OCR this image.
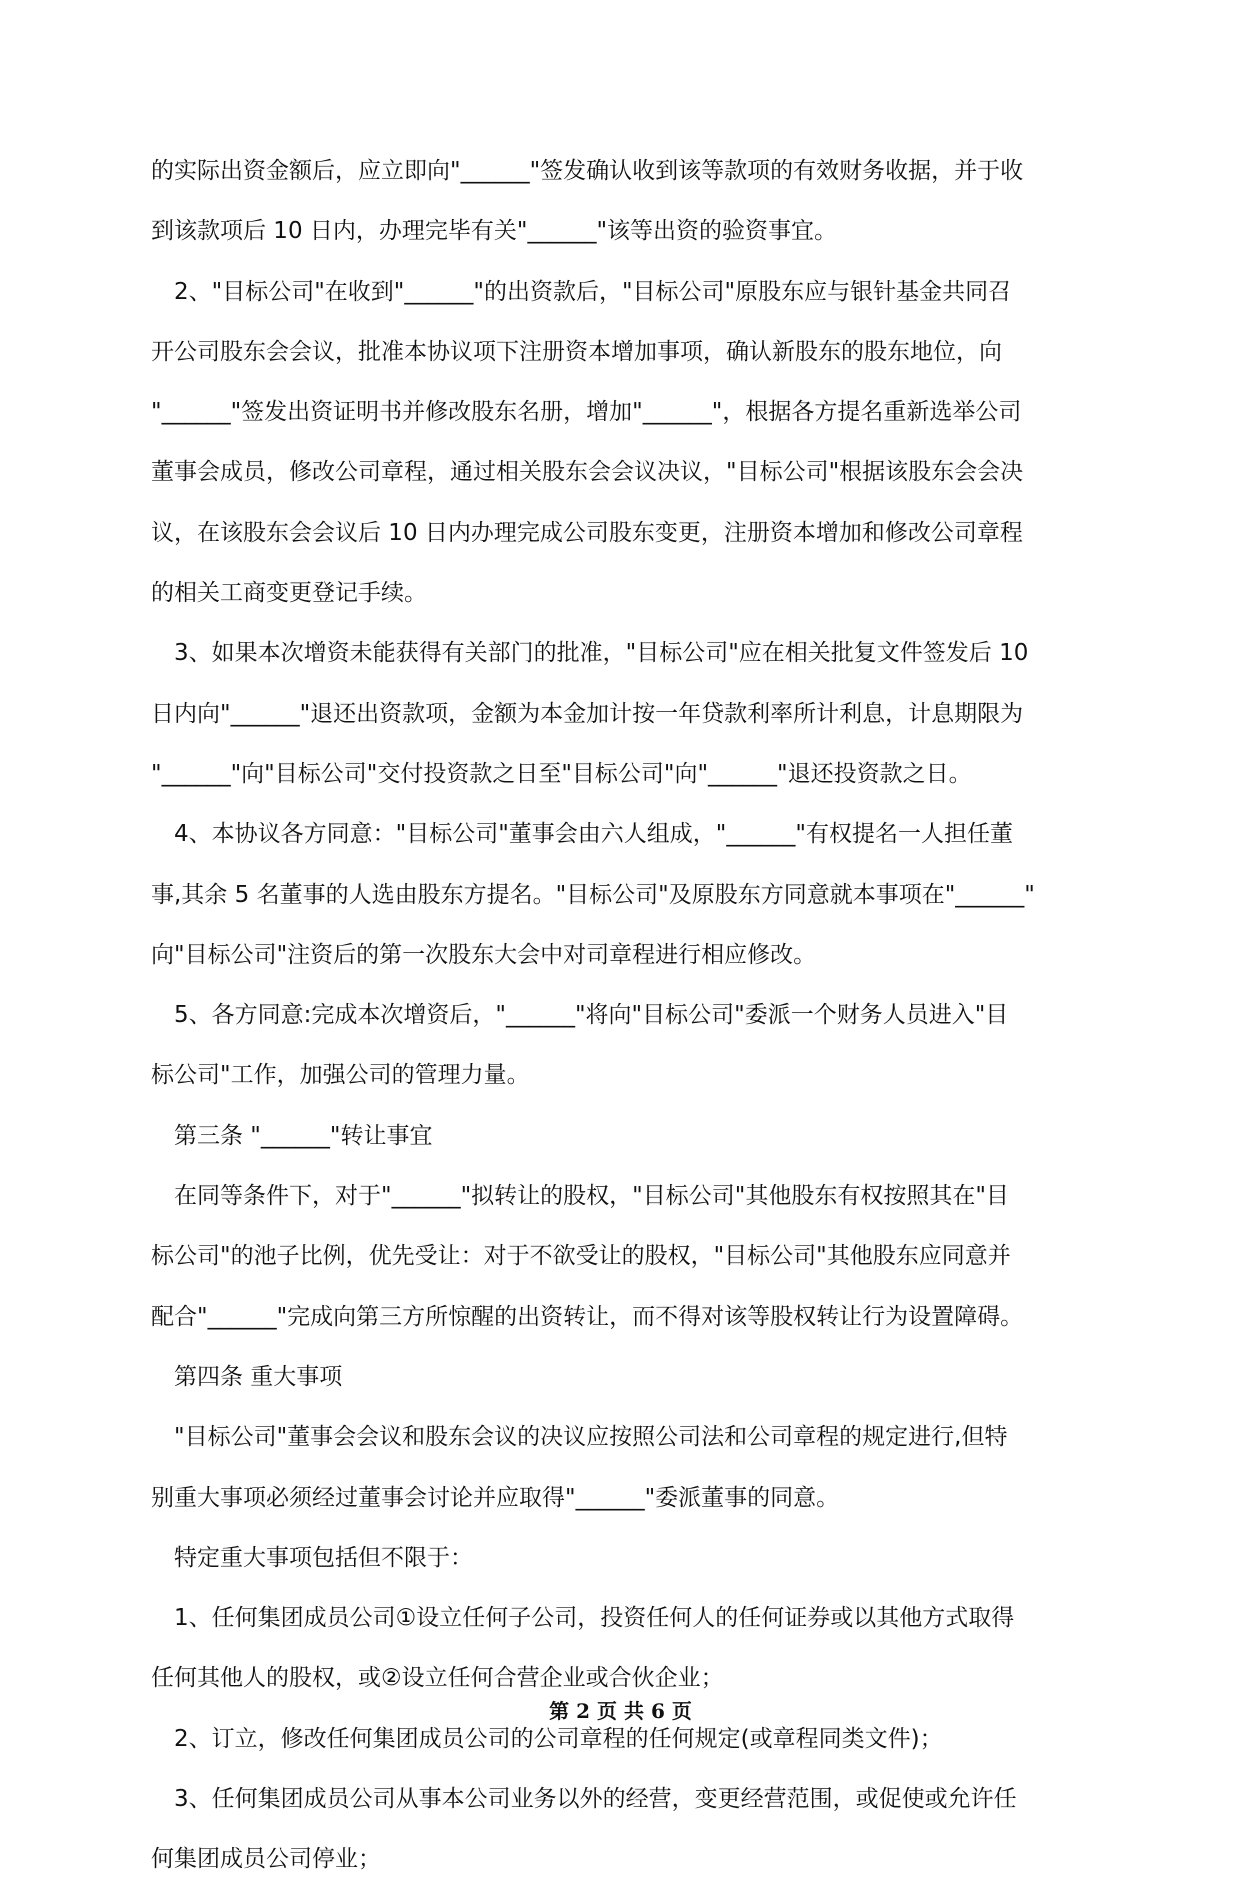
的实际出资金额后，应立即向"______"签发确认收到该等款项的有效财务收据，并于收
到该款项后 10 日内，办理完毕有关"______"该等出资的验资事宜。
2、"目标公司"在收到"______"的出资款后，"目标公司"原股东应与银针基金共同召
开公司股东会会议，批准本协议项下注册资本增加事项，确认新股东的股东地位，向
"______"签发出资证明书并修改股东名册，增加"______"，根据各方提名重新选举公司
董事会成员，修改公司章程，通过相关股东会会议决议，"目标公司"根据该股东会会决
议，在该股东会会议后 10 日内办理完成公司股东变更，注册资本增加和修改公司章程
的相关工商变更登记手续。
3、如果本次增资未能获得有关部门的批准，"目标公司"应在相关批复文件签发后 10
日内向"______"退还出资款项，金额为本金加计按一年贷款利率所计利息，计息期限为
"______"向"目标公司"交付投资款之日至"目标公司"向"______"退还投资款之日。
4、本协议各方同意："目标公司"董事会由六人组成，"______"有权提名一人担任董
事,其余 5 名董事的人选由股东方提名。"目标公司"及原股东方同意就本事项在"______"
向"目标公司"注资后的第一次股东大会中对司章程进行相应修改。
5、各方同意:完成本次增资后，"______"将向"目标公司"委派一个财务人员进入"目
标公司"工作，加强公司的管理力量。
第三条 "______"转让事宜
在同等条件下，对于"______"拟转让的股权，"目标公司"其他股东有权按照其在"目
标公司"的池子比例，优先受让：对于不欲受让的股权，"目标公司"其他股东应同意并
配合"______"完成向第三方所惊醒的出资转让，而不得对该等股权转让行为设置障碍。
第四条 重大事项
"目标公司"董事会会议和股东会议的决议应按照公司法和公司章程的规定进行,但特
别重大事项必须经过董事会讨论并应取得"______"委派董事的同意。
特定重大事项包括但不限于：
1、任何集团成员公司①设立任何子公司，投资任何人的任何证券或以其他方式取得
任何其他人的股权，或②设立任何合营企业或合伙企业；
2、订立，修改任何集团成员公司的公司章程的任何规定(或章程同类文件)；
3、任何集团成员公司从事本公司业务以外的经营，变更经营范围，或促使或允许任
何集团成员公司停业；
第 2 页 共 6 页
